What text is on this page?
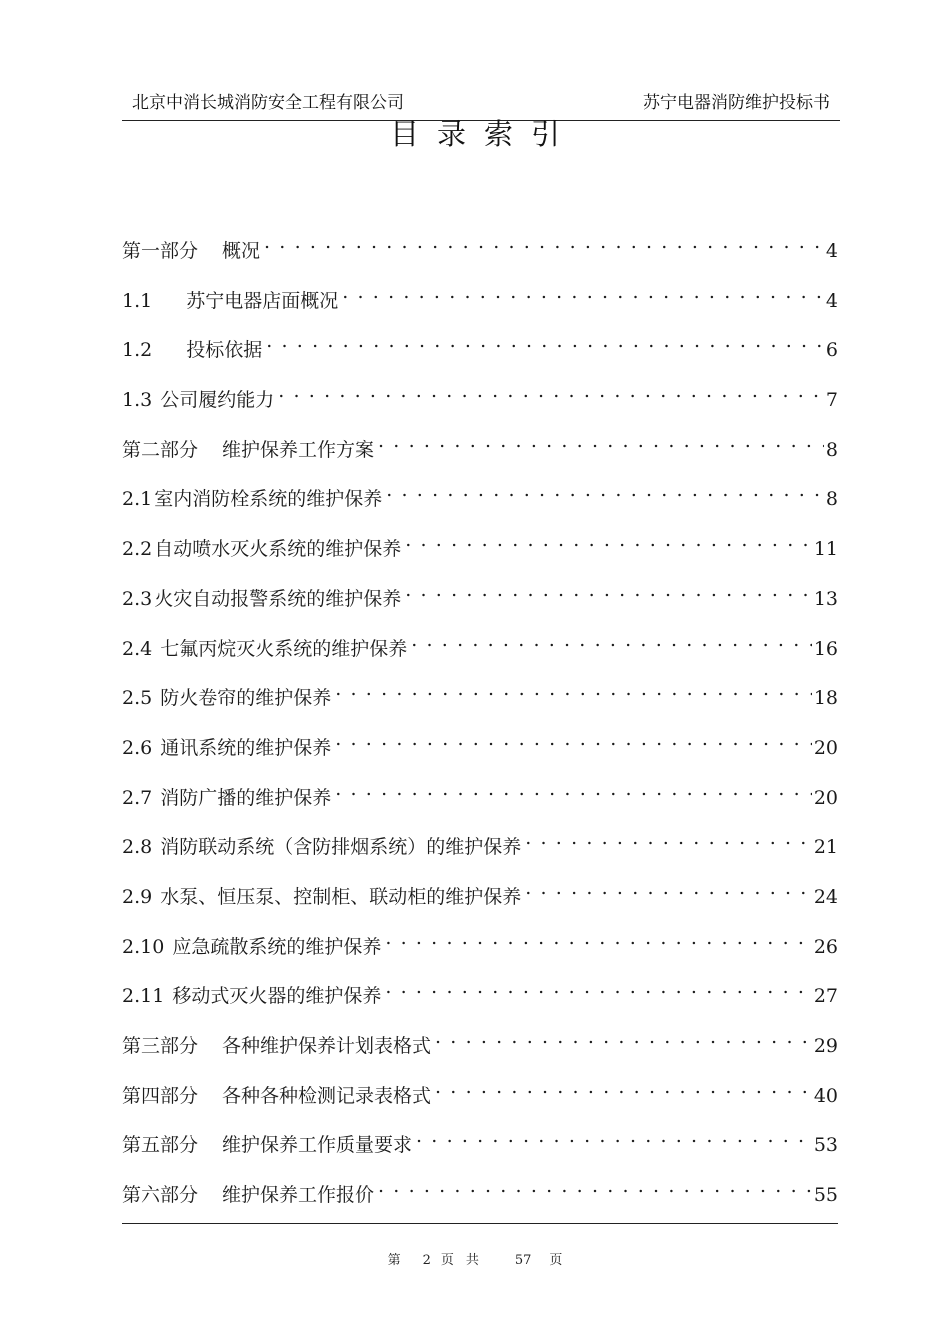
北京中消长城消防安全工程有限公司	苏宁电器消防维护投标书
目录索引
第一部分 概况 . . .	4
1.1 苏宁电器店面概况 . . .	4
1.2 投标依据 . . .	6
1.3 公司履约能力 . . .	7
第二部分 维护保养工作方案 . . .	8
2.1 室内消防栓系统的维护保养 . . .	8
2.2 自动喷水灭火系统的维护保养 . . .	11
2.3 火灾自动报警系统的维护保养 . . .	13
2.4 七氟丙烷灭火系统的维护保养 . . .	16
2.5 防火卷帘的维护保养 . . .	18
2.6 通讯系统的维护保养 . . .	20
2.7 消防广播的维护保养 . . .	20
2.8 消防联动系统（含防排烟系统）的维护保养 . . .	21
2.9 水泵、恒压泵、控制柜、联动柜的维护保养 . . .	24
2.10 应急疏散系统的维护保养 . . .	26
2.11 移动式灭火器的维护保养 . . .	27
第三部分 各种维护保养计划表格式 . . .	29
第四部分 各种各种检测记录表格式 . . .	40
第五部分 维护保养工作质量要求 . . .	53
第六部分 维护保养工作报价 . . .	55
第 2 页共 57 页
